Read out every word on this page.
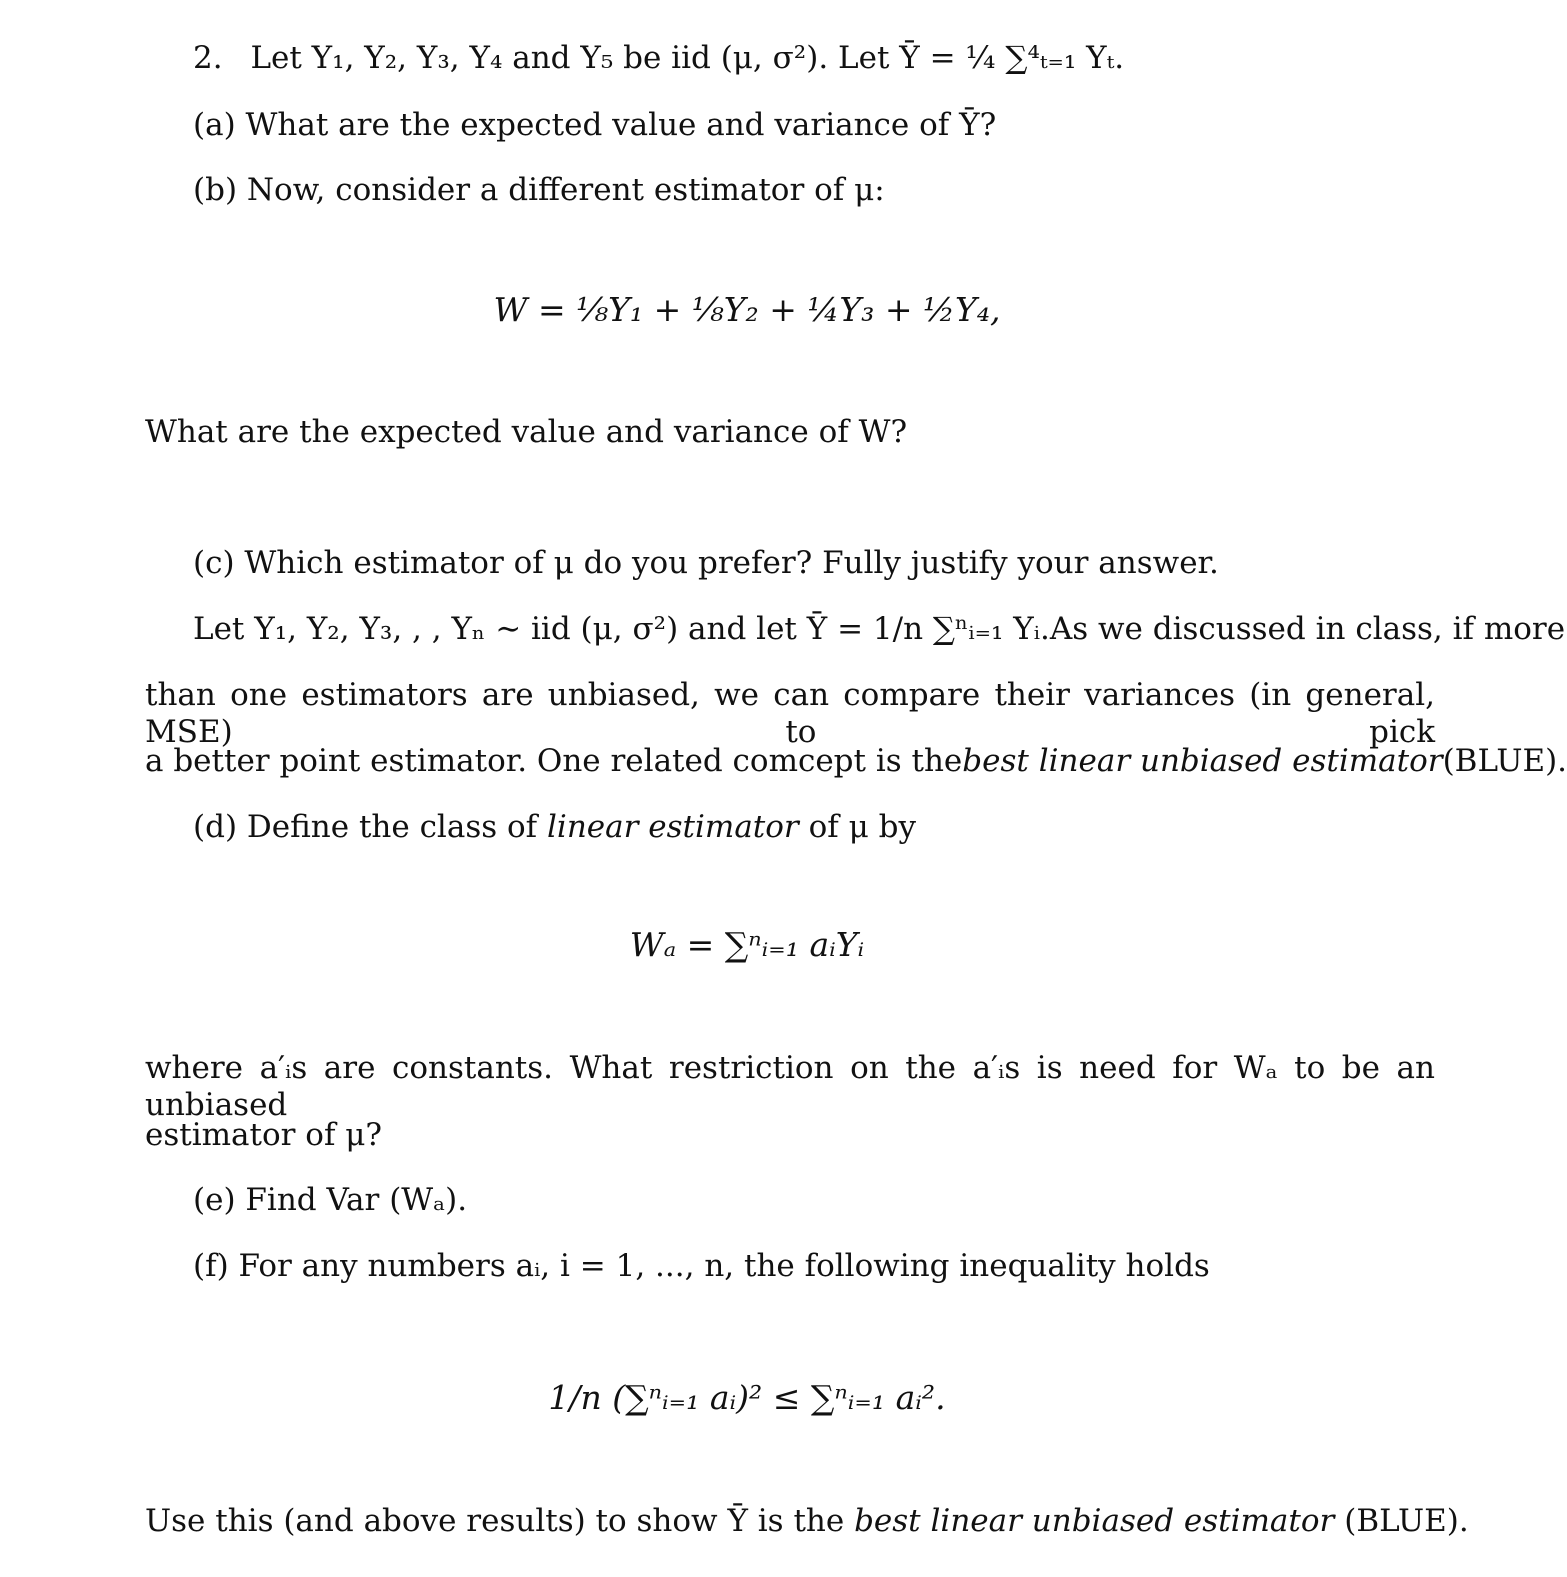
2. Let Y₁, Y₂, Y₃, Y₄ and Y₅ be iid (μ, σ²). Let Ȳ = ¼ ∑⁴ₜ₌₁ Yₜ.
(a) What are the expected value and variance of Ȳ?
(b) Now, consider a different estimator of μ:
W = ⅛Y₁ + ⅛Y₂ + ¼Y₃ + ½Y₄,
What are the expected value and variance of W?
(c) Which estimator of μ do you prefer? Fully justify your answer.
Let Y₁, Y₂, Y₃, , , Yₙ ∼ iid (μ, σ²) and let Ȳ = 1/n ∑ⁿᵢ₌₁ Yᵢ. As we discussed in class, if more
than one estimators are unbiased, we can compare their variances (in general, MSE) to pick
a better point estimator. One related comcept is the best linear unbiased estimator (BLUE).
(d) Define the class of linear estimator of μ by
Wₐ = ∑ⁿᵢ₌₁ aᵢYᵢ
where a′ᵢs are constants. What restriction on the a′ᵢs is need for Wₐ to be an unbiased
estimator of μ?
(e) Find Var (Wₐ).
(f) For any numbers aᵢ, i = 1, ..., n, the following inequality holds
1/n (∑ⁿᵢ₌₁ aᵢ)² ≤ ∑ⁿᵢ₌₁ aᵢ².
Use this (and above results) to show Ȳ is the best linear unbiased estimator (BLUE).
